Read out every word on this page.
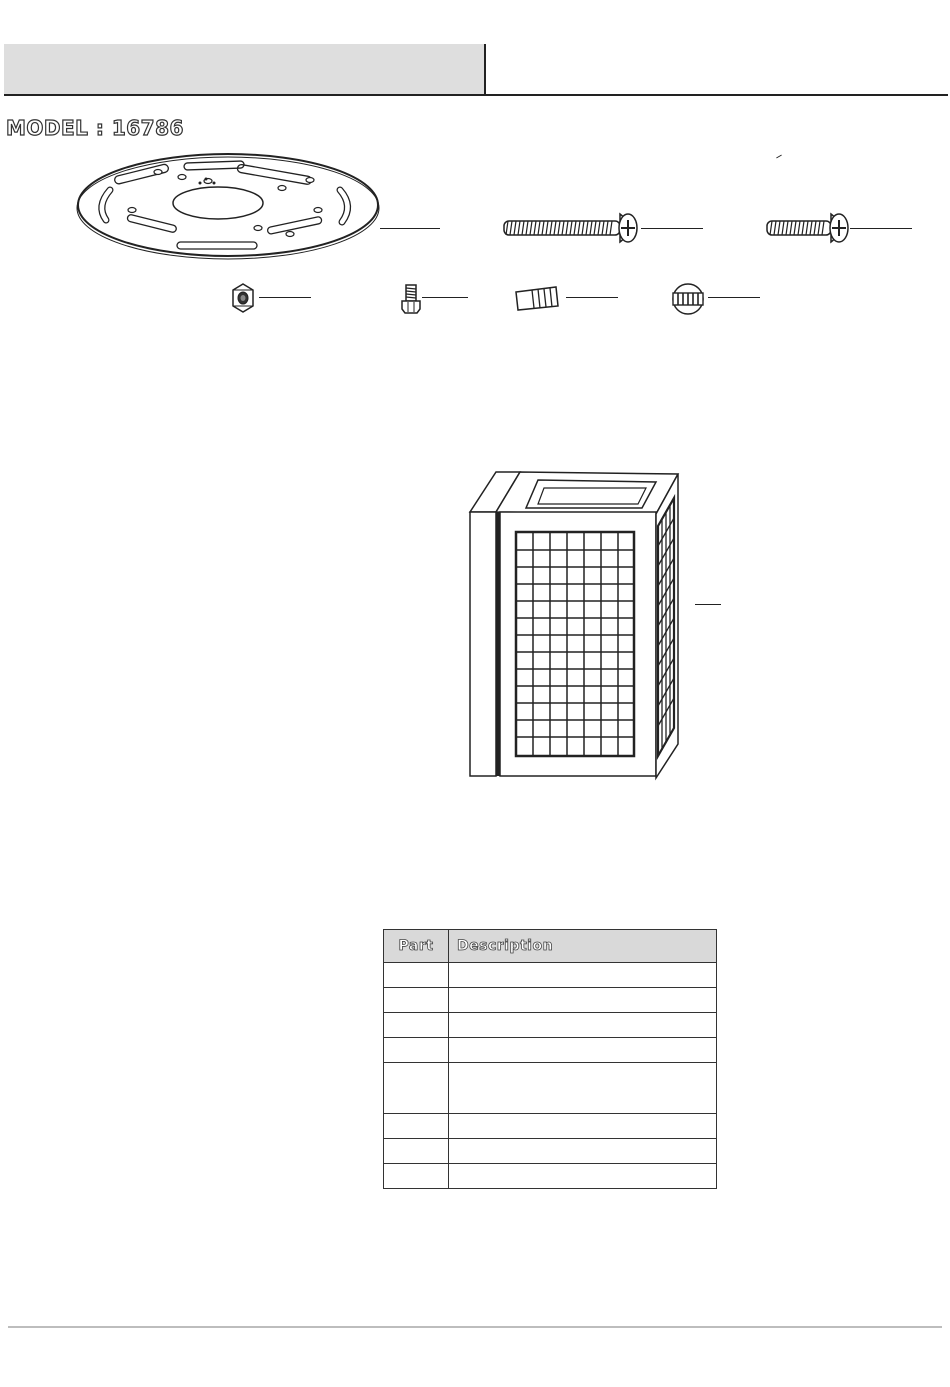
MODEL : 16786
Part	Description
